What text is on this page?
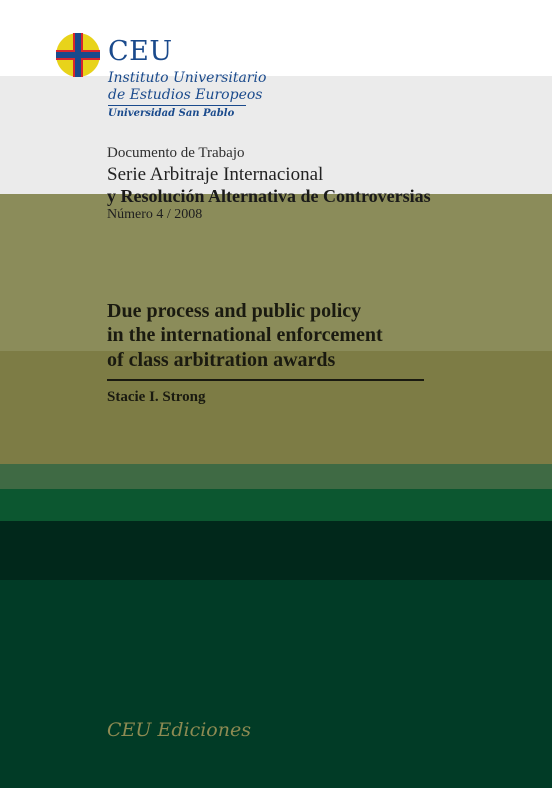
CEU
Instituto Universitario
de Estudios Europeos
Universidad San Pablo
Documento de Trabajo
Serie Arbitraje Internacional
y Resolución Alternativa de Controversias
Número 4 / 2008
Due process and public policy
in the international enforcement
of class arbitration awards
Stacie I. Strong
CEU Ediciones
